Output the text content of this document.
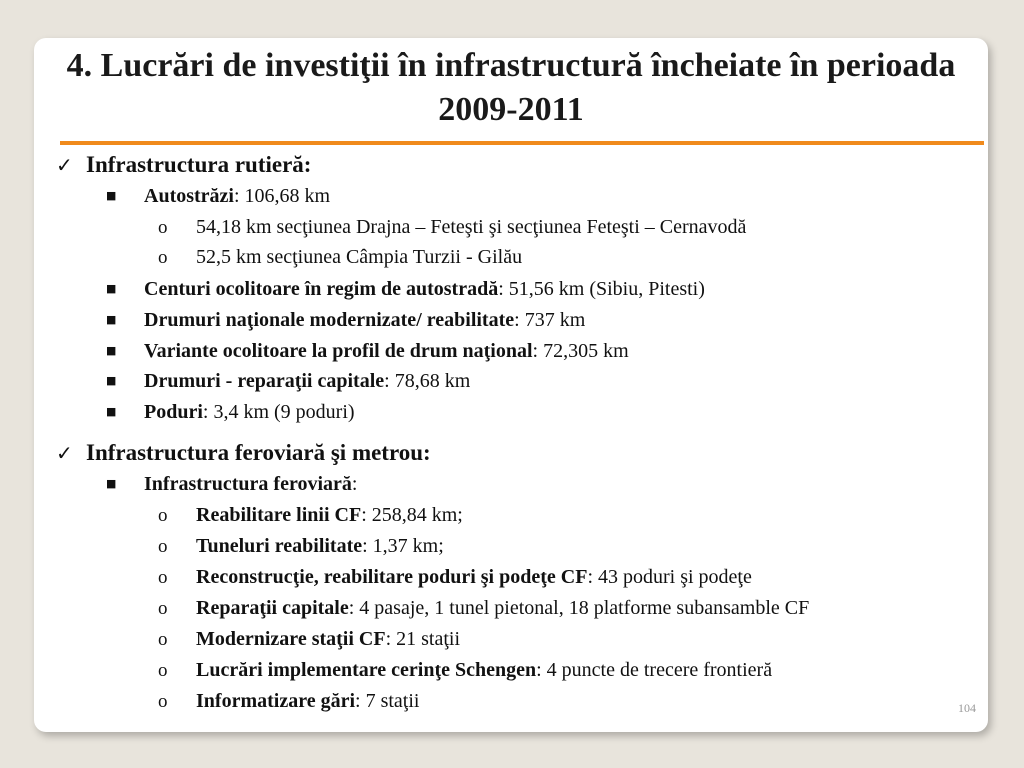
4. Lucrări de investiţii în infrastructură încheiate în perioada 2009-2011
✓ Infrastructura rutieră:
■ Autostrăzi: 106,68 km
o 54,18 km secţiunea Drajna – Feteşti şi secţiunea Feteşti – Cernavodă
o 52,5 km secţiunea Câmpia Turzii - Gilău
■ Centuri ocolitoare în regim de autostradă: 51,56 km (Sibiu, Pitesti)
■ Drumuri naţionale modernizate/ reabilitate: 737 km
■ Variante ocolitoare la profil de drum naţional: 72,305 km
■ Drumuri - reparaţii capitale: 78,68 km
■ Poduri: 3,4 km (9 poduri)
✓ Infrastructura feroviară şi metrou:
■ Infrastructura feroviară:
o Reabilitare linii CF: 258,84 km;
o Tuneluri reabilitate: 1,37 km;
o Reconstrucţie, reabilitare poduri şi podeţe CF: 43 poduri şi podeţe
o Reparaţii capitale: 4 pasaje, 1 tunel pietonal, 18 platforme subansamble CF
o Modernizare staţii CF: 21 staţii
o Lucrări implementare cerinţe Schengen: 4 puncte de trecere frontieră
o Informatizare gări: 7 staţii	104
